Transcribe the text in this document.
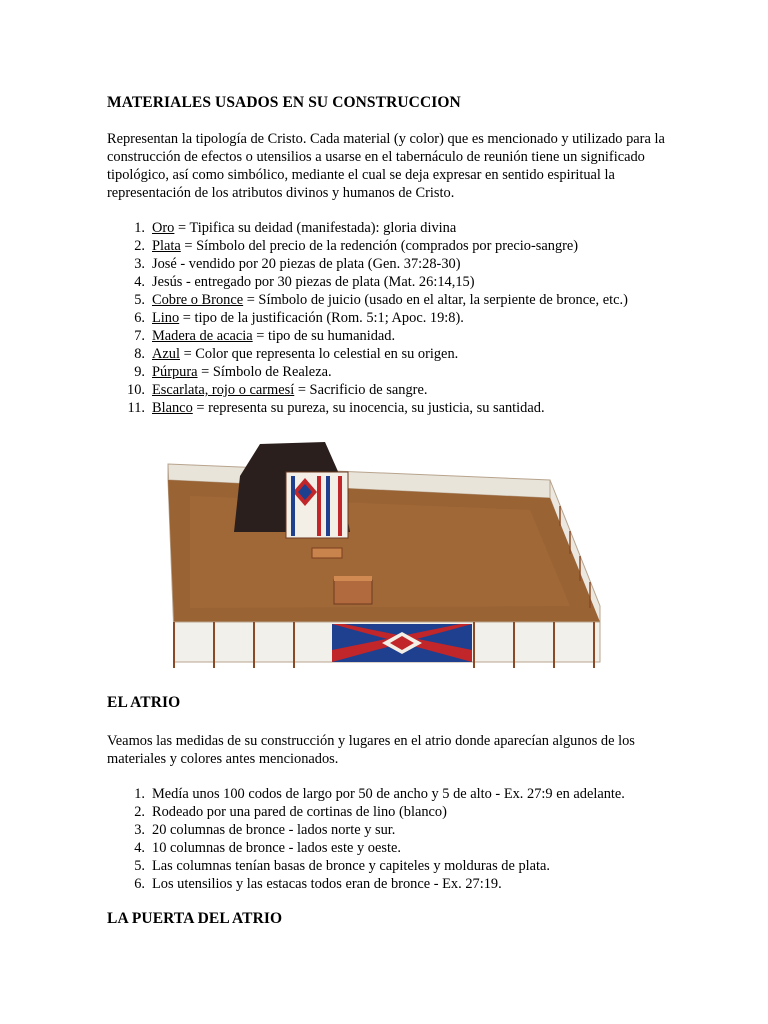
MATERIALES USADOS EN SU CONSTRUCCION

Representan la tipología de Cristo. Cada material (y color) que es mencionado y utilizado para la construcción de efectos o utensilios a usarse en el tabernáculo de reunión tiene un significado tipológico, así como simbólico, mediante el cual se deja expresar en sentido espiritual la representación de los atributos divinos y humanos de Cristo.

1. Oro = Tipifica su deidad (manifestada): gloria divina
2. Plata = Símbolo del precio de la redención (comprados por precio-sangre)
3. José - vendido por 20 piezas de plata (Gen. 37:28-30)
4. Jesús - entregado por 30 piezas de plata (Mat. 26:14,15)
5. Cobre o Bronce = Símbolo de juicio (usado en el altar, la serpiente de bronce, etc.)
6. Lino = tipo de la justificación (Rom. 5:1; Apoc. 19:8).
7. Madera de acacia = tipo de su humanidad.
8. Azul = Color que representa lo celestial en su origen.
9. Púrpura = Símbolo de Realeza.
10. Escarlata, rojo o carmesí = Sacrificio de sangre.
11. Blanco = representa su pureza, su inocencia, su justicia, su santidad.
EL ATRIO

Veamos las medidas de su construcción y lugares en el atrio donde aparecían algunos de los materiales y colores antes mencionados.

1. Medía unos 100 codos de largo por 50 de ancho y 5 de alto - Ex. 27:9 en adelante.
2. Rodeado por una pared de cortinas de lino (blanco)
3. 20 columnas de bronce - lados norte y sur.
4. 10 columnas de bronce - lados este y oeste.
5. Las columnas tenían basas de bronce y capiteles y molduras de plata.
6. Los utensilios y las estacas todos eran de bronce - Ex. 27:19.
LA PUERTA DEL ATRIO
